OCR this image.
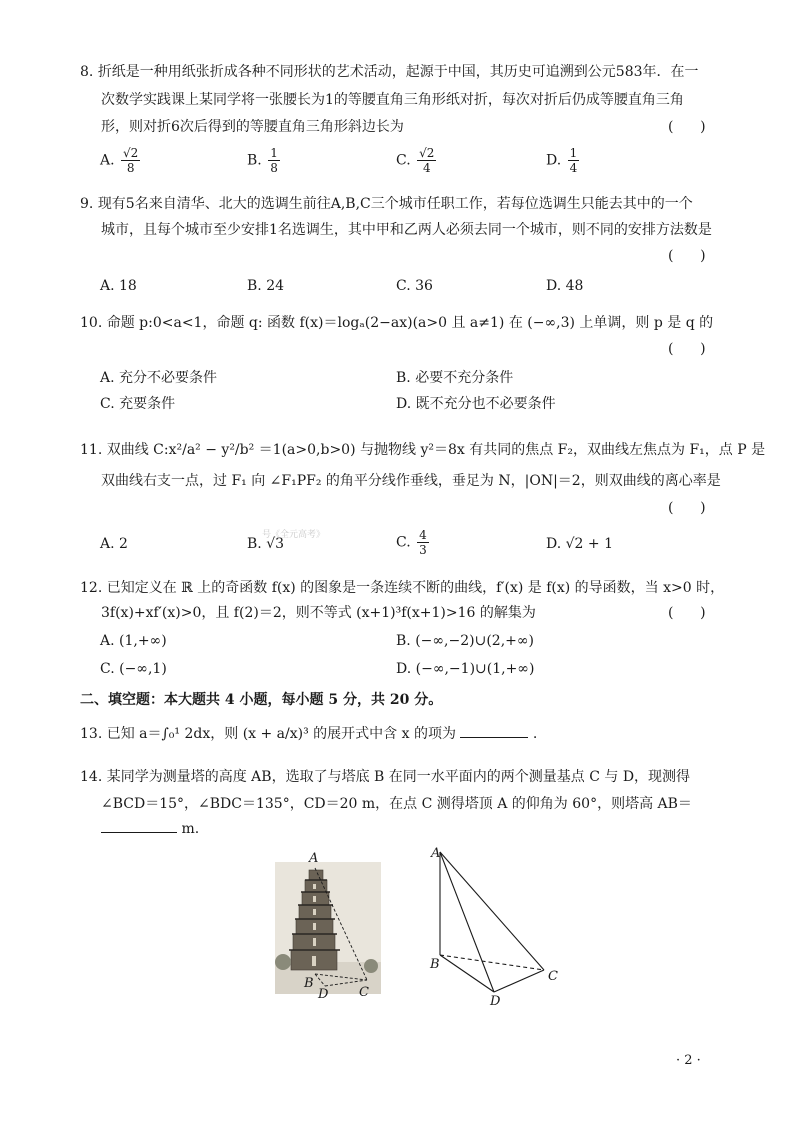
8. 折纸是一种用纸张折成各种不同形状的艺术活动，起源于中国，其历史可追溯到公元583年．在一
次数学实践课上某同学将一张腰长为1的等腰直角三角形纸对折，每次对折后仍成等腰直角三角
形，则对折6次后得到的等腰直角三角形斜边长为	(      )
A. $\frac{√2}{8}$	B. $\frac{1}{8}$	C. $\frac{√2}{4}$	D. $\frac{1}{4}$
9. 现有5名来自清华、北大的选调生前往A,B,C三个城市任职工作，若每位选调生只能去其中的一个
城市，且每个城市至少安排1名选调生，其中甲和乙两人必须去同一个城市，则不同的安排方法数是
(      )
A. 18	B. 24	C. 36	D. 48
10. 命题 p:0<a<1，命题 q: 函数 f(x)＝logₐ(2−ax)(a>0 且 a≠1) 在 (−∞,3) 上单调，则 p 是 q 的
(      )
A. 充分不必要条件	B. 必要不充分条件
C. 充要条件	D. 既不充分也不必要条件
11. 双曲线 C:x²/a² − y²/b² ＝1(a>0,b>0) 与抛物线 y²＝8x 有共同的焦点 F₂，双曲线左焦点为 F₁，点 P 是
双曲线右支一点，过 F₁ 向 ∠F₁PF₂ 的角平分线作垂线，垂足为 N，|ON|＝2，则双曲线的离心率是
(      )
A. 2	B. √3
号《全元高考》	C. $\frac{4}{3}$	D. √2 + 1
12. 已知定义在 ℝ 上的奇函数 f(x) 的图象是一条连续不断的曲线，f′(x) 是 f(x) 的导函数，当 x>0 时，
3f(x)+xf′(x)>0，且 f(2)＝2，则不等式 (x+1)³f(x+1)>16 的解集为	(      )
A. (1,+∞)	B. (−∞,−2)∪(2,+∞)
C. (−∞,1)	D. (−∞,−1)∪(1,+∞)
二、填空题：本大题共 4 小题，每小题 5 分，共 20 分。
13. 已知 a＝∫₀¹ 2dx，则 (x + a/x)³ 的展开式中含 x 的项为	.
14. 某同学为测量塔的高度 AB，选取了与塔底 B 在同一水平面内的两个测量基点 C 与 D，现测得
∠BCD＝15°，∠BDC＝135°，CD＝20 m，在点 C 测得塔顶 A 的仰角为 60°，则塔高 AB＝
m.
A
B
D C
A
B
C
D
· 2 ·
